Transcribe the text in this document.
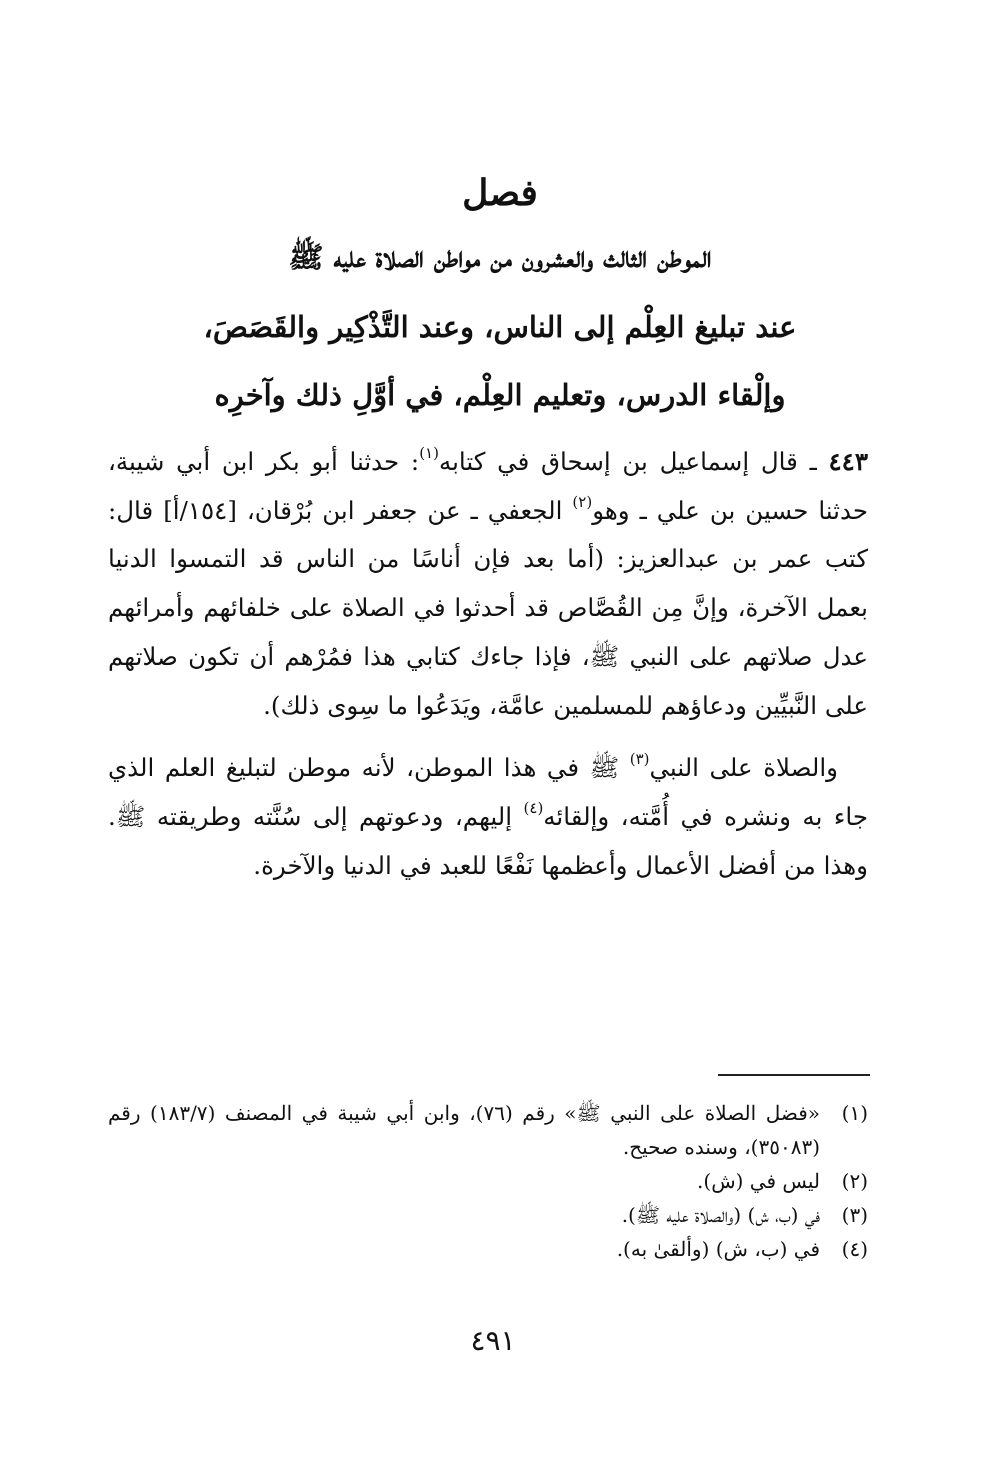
فصل
الموطن الثالث والعشرون من مواطن الصلاة عليه ﷺ
عند تبليغ العِلْم إلى الناس، وعند التَّذْكِير والقَصَصَ،
وإلْقاء الدرس، وتعليم العِلْم، في أوَّلِ ذلك وآخرِه

٤٤٣ ـ قال إسماعيل بن إسحاق في كتابه$^{(١)}$: حدثنا أبو بكر ابن أبي شيبة، حدثنا حسين بن علي ـ وهو$^{(٢)}$ الجعفي ـ عن جعفر ابن بُرْقان، [١٥٤/أ] قال: كتب عمر بن عبدالعزيز: (أما بعد فإن أناسًا من الناس قد التمسوا الدنيا بعمل الآخرة، وإنَّ مِن القُصَّاص قد أحدثوا في الصلاة على خلفائهم وأمرائهم عدل صلاتهم على النبي ﷺ، فإذا جاءك كتابي هذا فمُرْهم أن تكون صلاتهم على النَّبيِّين ودعاؤهم للمسلمين عامَّة، ويَدَعُوا ما سِوى ذلك).

والصلاة على النبي$^{(٣)}$ ﷺ في هذا الموطن، لأنه موطن لتبليغ العلم الذي جاء به ونشره في أُمَّته، وإلقائه$^{(٤)}$ إليهم، ودعوتهم إلى سُنَّته وطريقته ﷺ. وهذا من أفضل الأعمال وأعظمها نَفْعًا للعبد في الدنيا والآخرة.

(١)
«فضل الصلاة على النبي ﷺ» رقم (٧٦)، وابن أبي شيبة في المصنف (١٨٣/٧) رقم (٣٥٠٨٣)، وسنده صحيح.
(٢)
ليس في (ش).
(٣)
في (ب، ش) (والصلاة عليه ﷺ).
(٤)
في (ب، ش) (وألقىٰ به).
٤٩١
